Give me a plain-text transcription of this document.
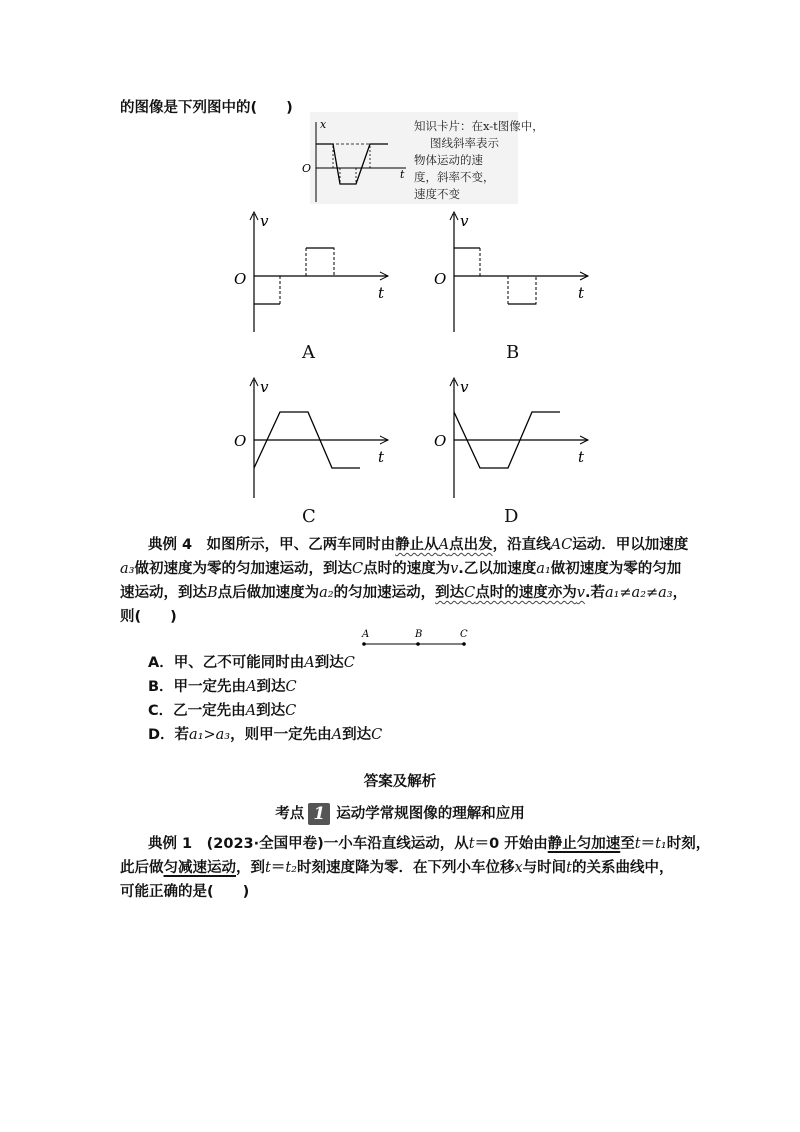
的图像是下列图中的(　　)
x
t
O
知识卡片：在x-t图像中，
图线斜率表示
物体运动的速
度，斜率不变，
速度不变
v
t
O
A
v
t
O
B
v
t
O
C
v
t
O
D
典例 4　如图所示，甲、乙两车同时由静止从A点出发，沿直线AC运动．甲以加速度
a₃做初速度为零的匀加速运动，到达C点时的速度为v.乙以加速度a₁做初速度为零的匀加
速运动，到达B点后做加速度为a₂的匀加速运动，到达C点时的速度亦为v.若a₁≠a₂≠a₃，
则(　　)
A	B	C
A．甲、乙不可能同时由A到达C
B．甲一定先由A到达C
C．乙一定先由A到达C
D．若a₁>a₃，则甲一定先由A到达C
答案及解析
考点 1 运动学常规图像的理解和应用
典例 1　(2023·全国甲卷)一小车沿直线运动，从t＝0 开始由静止匀加速至t＝t₁时刻，
此后做匀减速运动，到t＝t₂时刻速度降为零．在下列小车位移x与时间t的关系曲线中，
可能正确的是(　　)
